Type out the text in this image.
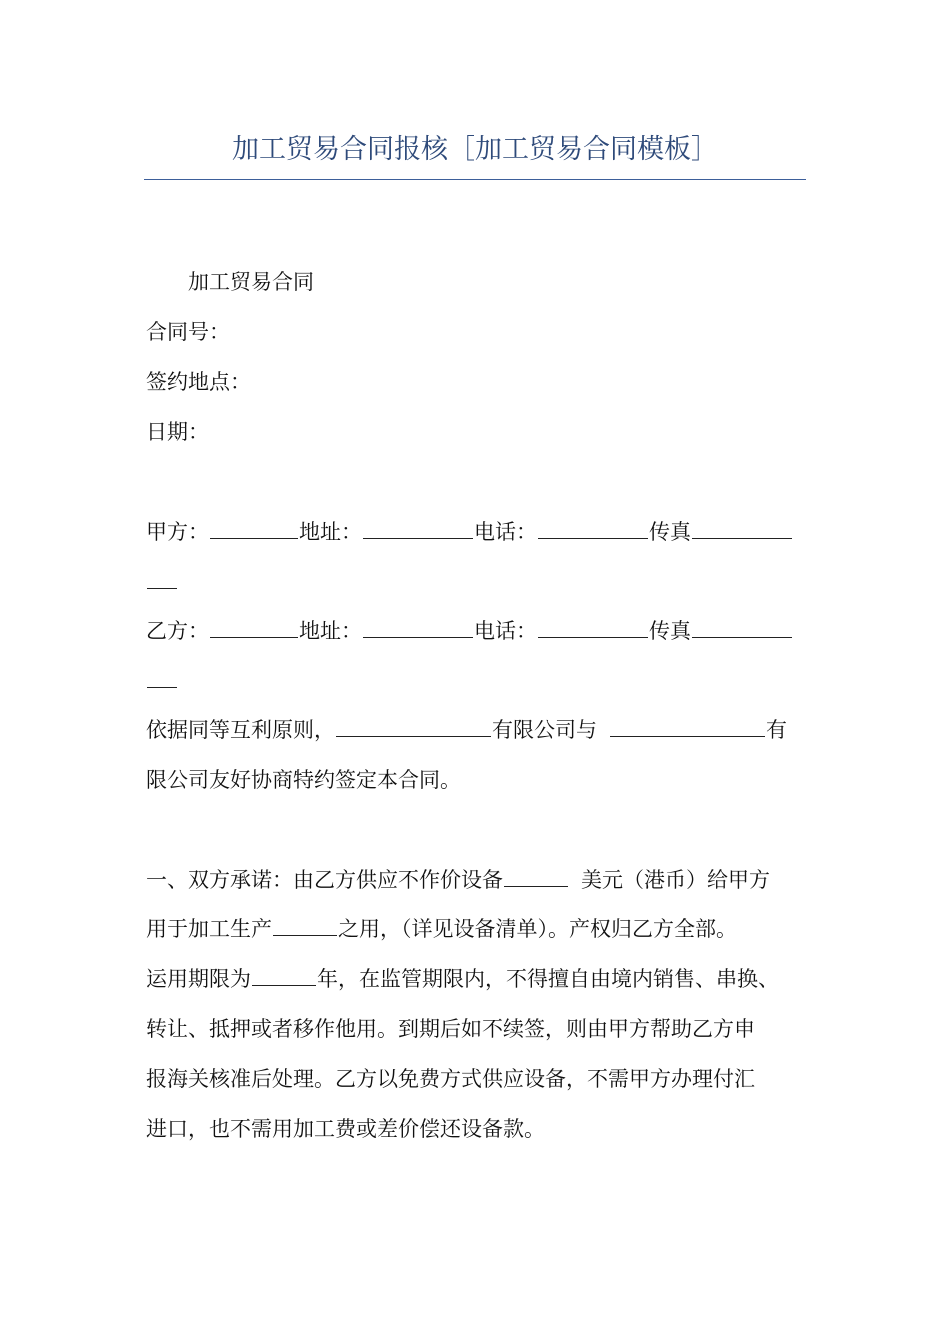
加工贸易合同报核［加工贸易合同模板］
加工贸易合同
合同号：
签约地点：
日期：
甲方：	地址：	电话：	传真
乙方：	地址：	电话：	传真
依据同等互利原则，	有限公司与	有
限公司友好协商特约签定本合同。
一、双方承诺：由乙方供应不作价设备	美元（港币）给甲方
用于加工生产	之用，（详见设备清单）。产权归乙方全部。
运用期限为	年，在监管期限内，不得擅自由境内销售、串换、
转让、抵押或者移作他用。到期后如不续签，则由甲方帮助乙方申
报海关核准后处理。乙方以免费方式供应设备，不需甲方办理付汇
进口，也不需用加工费或差价偿还设备款。
